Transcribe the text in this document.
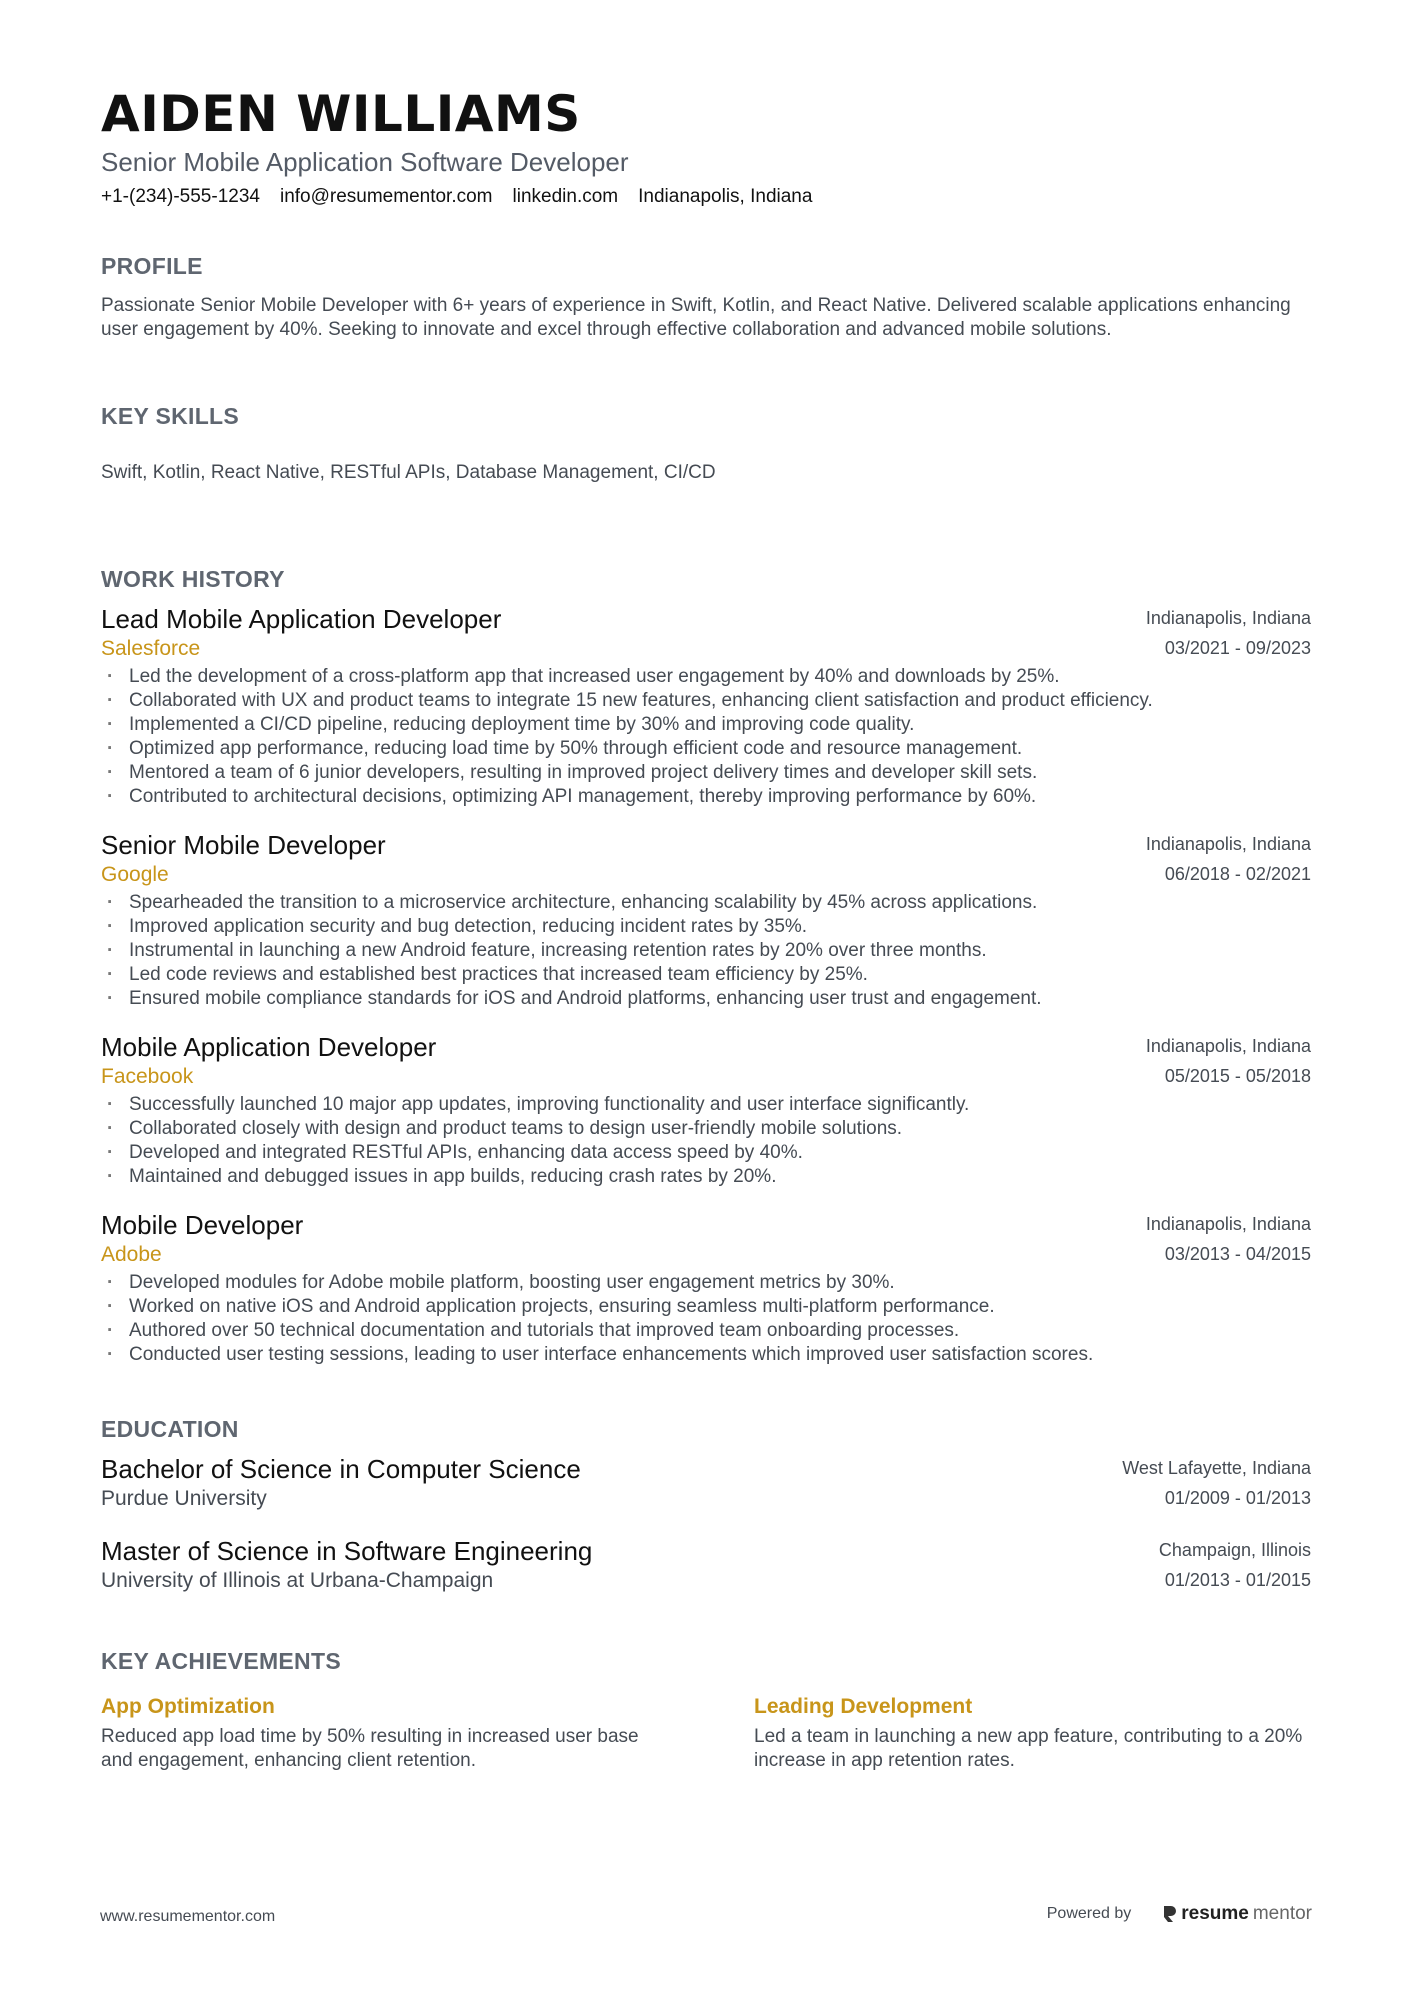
AIDEN WILLIAMS
Senior Mobile Application Software Developer
+1-(234)-555-1234 info@resumementor.com linkedin.com Indianapolis, Indiana
PROFILE
Passionate Senior Mobile Developer with 6+ years of experience in Swift, Kotlin, and React Native. Delivered scalable applications enhancing user engagement by 40%. Seeking to innovate and excel through effective collaboration and advanced mobile solutions.
KEY SKILLS
Swift, Kotlin, React Native, RESTful APIs, Database Management, CI/CD
WORK HISTORY
Lead Mobile Application Developer
Salesforce
Indianapolis, Indiana
03/2021 - 09/2023
· Led the development of a cross-platform app that increased user engagement by 40% and downloads by 25%.
· Collaborated with UX and product teams to integrate 15 new features, enhancing client satisfaction and product efficiency.
· Implemented a CI/CD pipeline, reducing deployment time by 30% and improving code quality.
· Optimized app performance, reducing load time by 50% through efficient code and resource management.
· Mentored a team of 6 junior developers, resulting in improved project delivery times and developer skill sets.
· Contributed to architectural decisions, optimizing API management, thereby improving performance by 60%.
Senior Mobile Developer
Google
Indianapolis, Indiana
06/2018 - 02/2021
· Spearheaded the transition to a microservice architecture, enhancing scalability by 45% across applications.
· Improved application security and bug detection, reducing incident rates by 35%.
· Instrumental in launching a new Android feature, increasing retention rates by 20% over three months.
· Led code reviews and established best practices that increased team efficiency by 25%.
· Ensured mobile compliance standards for iOS and Android platforms, enhancing user trust and engagement.
Mobile Application Developer
Facebook
Indianapolis, Indiana
05/2015 - 05/2018
· Successfully launched 10 major app updates, improving functionality and user interface significantly.
· Collaborated closely with design and product teams to design user-friendly mobile solutions.
· Developed and integrated RESTful APIs, enhancing data access speed by 40%.
· Maintained and debugged issues in app builds, reducing crash rates by 20%.
Mobile Developer
Adobe
Indianapolis, Indiana
03/2013 - 04/2015
· Developed modules for Adobe mobile platform, boosting user engagement metrics by 30%.
· Worked on native iOS and Android application projects, ensuring seamless multi-platform performance.
· Authored over 50 technical documentation and tutorials that improved team onboarding processes.
· Conducted user testing sessions, leading to user interface enhancements which improved user satisfaction scores.
EDUCATION
Bachelor of Science in Computer Science
Purdue University
West Lafayette, Indiana
01/2009 - 01/2013
Master of Science in Software Engineering
University of Illinois at Urbana-Champaign
Champaign, Illinois
01/2013 - 01/2015
KEY ACHIEVEMENTS
App Optimization
Reduced app load time by 50% resulting in increased user base and engagement, enhancing client retention.
Leading Development
Led a team in launching a new app feature, contributing to a 20% increase in app retention rates.
www.resumementor.com	Powered by	resume mentor
